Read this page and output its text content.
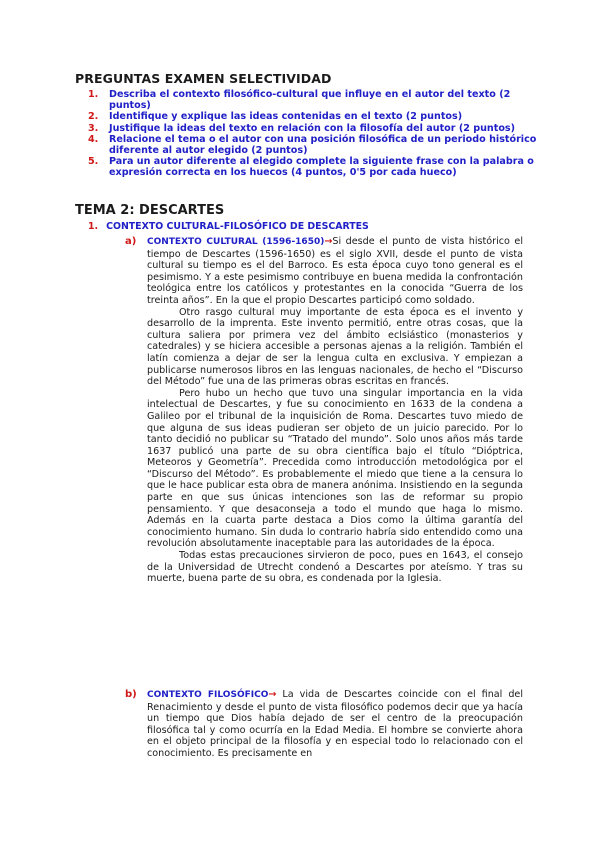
PREGUNTAS EXAMEN SELECTIVIDAD
1. Describa el contexto filosófico-cultural que influye en el autor del texto (2 puntos)
2. Identifique y explique las ideas contenidas en el texto (2 puntos)
3. Justifique la ideas del texto en relación con la filosofía del autor (2 puntos)
4. Relacione el tema o el autor con una posición filosófica de un periodo histórico diferente al autor elegido (2 puntos)
5. Para un autor diferente al elegido complete la siguiente frase con la palabra o expresión correcta en los huecos (4 puntos, 0'5 por cada hueco)
TEMA 2: DESCARTES
1. CONTEXTO CULTURAL-FILOSÓFICO DE DESCARTES
a) CONTEXTO CULTURAL (1596-1650)→Si desde el punto de vista histórico el tiempo de Descartes (1596-1650) es el siglo XVII, desde el punto de vista cultural su tiempo es el del Barroco. Es esta época cuyo tono general es el pesimismo. Y a este pesimismo contribuye en buena medida la confrontación teológica entre los católicos y protestantes en la conocida “Guerra de los treinta años”. En la que el propio Descartes participó como soldado.

Otro rasgo cultural muy importante de esta época es el invento y desarrollo de la imprenta. Este invento permitió, entre otras cosas, que la cultura saliera por primera vez del ámbito eclsiástico (monasterios y catedrales) y se hiciera accesible a personas ajenas a la religión. También el latín comienza a dejar de ser la lengua culta en exclusiva. Y empiezan a publicarse numerosos libros en las lenguas nacionales, de hecho el “Discurso del Método” fue una de las primeras obras escritas en francés.

Pero hubo un hecho que tuvo una singular importancia en la vida intelectual de Descartes, y fue su conocimiento en 1633 de la condena a Galileo por el tribunal de la inquisición de Roma. Descartes tuvo miedo de que alguna de sus ideas pudieran ser objeto de un juicio parecido. Por lo tanto decidió no publicar su “Tratado del mundo”. Solo unos años más tarde 1637 publicó una parte de su obra científica bajo el título “Dióptrica, Meteoros y Geometría”. Precedida como introducción metodológica por el “Discurso del Método”. Es probablemente el miedo que tiene a la censura lo que le hace publicar esta obra de manera anónima. Insistiendo en la segunda parte en que sus únicas intenciones son las de reformar su propio pensamiento. Y que desaconseja a todo el mundo que haga lo mismo. Además en la cuarta parte destaca a Dios como la última garantía del conocimiento humano. Sin duda lo contrario habría sido entendido como una revolución absolutamente inaceptable para las autoridades de la época.

Todas estas precauciones sirvieron de poco, pues en 1643, el consejo de la Universidad de Utrecht condenó a Descartes por ateísmo. Y tras su muerte, buena parte de su obra, es condenada por la Iglesia.

b) CONTEXTO FILOSÓFICO→ La vida de Descartes coincide con el final del Renacimiento y desde el punto de vista filosófico podemos decir que ya hacía un tiempo que Dios había dejado de ser el centro de la preocupación filosófica tal y como ocurría en la Edad Media. El hombre se convierte ahora en el objeto principal de la filosofía y en especial todo lo relacionado con el conocimiento. Es precisamente en
